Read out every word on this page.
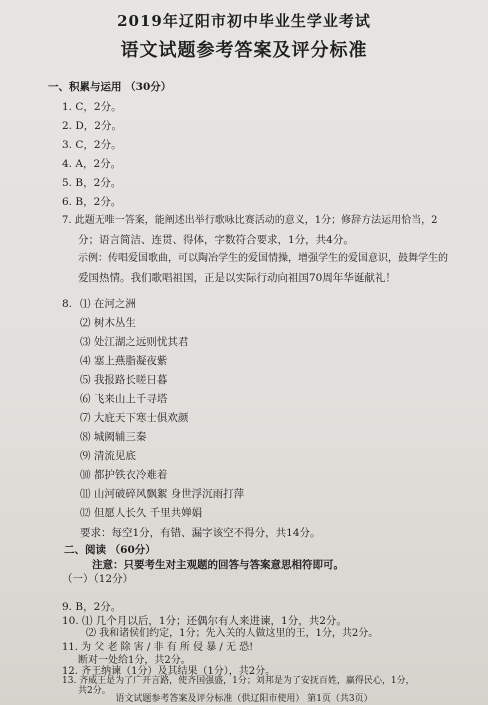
2019年辽阳市初中毕业生学业考试
语文试题参考答案及评分标准
一、积累与运用 （30分）
1. C，2分。
2. D，2分。
3. C，2分。
4. A，2分。
5. B，2分。
6. B，2分。
7. 此题无唯一答案，能阐述出举行歌咏比赛活动的意义，1分；修辞方法运用恰当，2
分；语言简洁、连贯、得体，字数符合要求，1分，共4分。
示例：传唱爱国歌曲，可以陶冶学生的爱国情操，增强学生的爱国意识，鼓舞学生的
爱国热情。我们歌唱祖国，正是以实际行动向祖国70周年华诞献礼！
8. ⑴ 在河之洲
⑵ 树木丛生
⑶ 处江湖之远则忧其君
⑷ 塞上燕脂凝夜紫
⑸ 我报路长嗟日暮
⑹ 飞来山上千寻塔
⑺ 大庇天下寒士俱欢颜
⑻ 城阙辅三秦
⑼ 清流见底
⑽ 都护铁衣冷难着
⑾ 山河破碎风飘絮 身世浮沉雨打萍
⑿ 但愿人长久 千里共婵娟
要求：每空1分，有错、漏字该空不得分，共14分。
二、阅读 （60分）
注意：只要考生对主观题的回答与答案意思相符即可。
（一）（12分）
9. B，2分。
10. ⑴ 几个月以后，1分；还偶尔有人来进谏，1分，共2分。
语文试题参考答案及评分标准（供辽阳市使用） 第1页（共3页）
⑵ 我和诸侯们约定，1分；先入关的人做这里的王，1分，共2分。
11. 为 父 老 除 害 / 非 有 所 侵 暴 / 无 恐!
断对一处给1分，共2分。
12. 齐王纳谏（1分）及其结果（1分），共2分。
13. 齐威王是为了广开言路，使齐国强盛，1分；刘邦是为了安抚百姓，赢得民心，1分，
共2分。
